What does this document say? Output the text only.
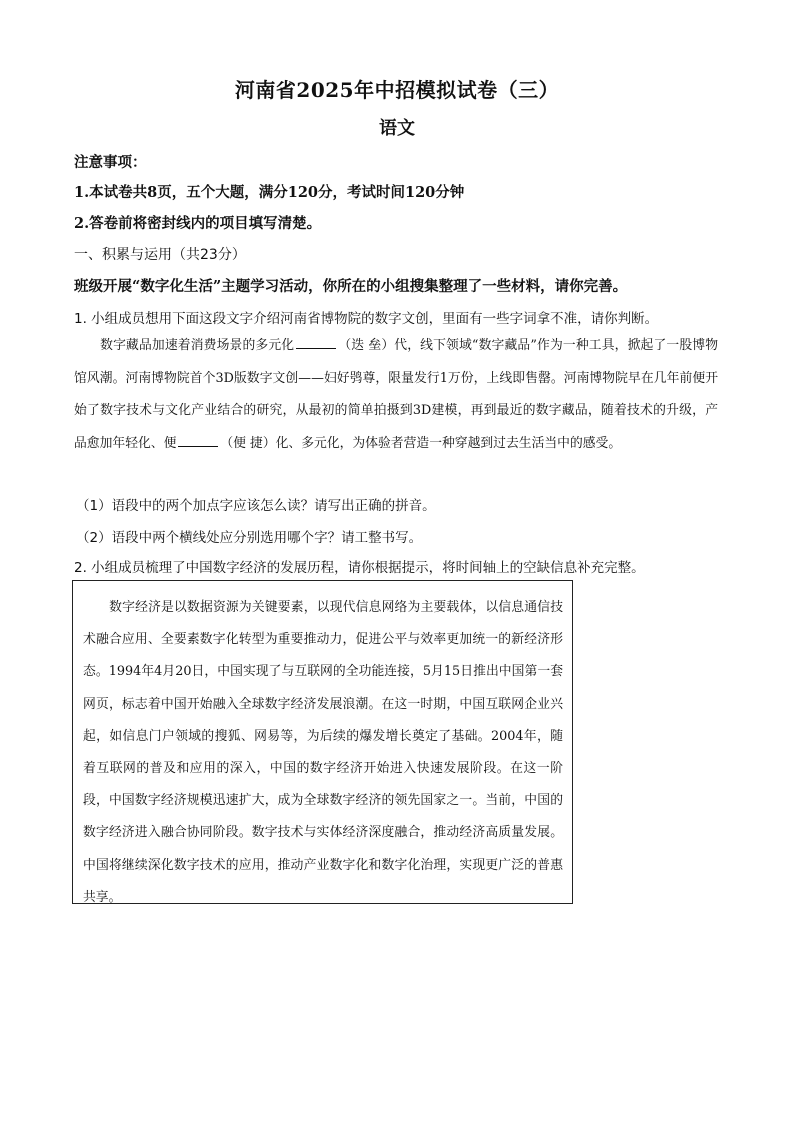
河南省2025年中招模拟试卷（三）
语文
注意事项：
1.本试卷共8页，五个大题，满分120分，考试时间120分钟
2.答卷前将密封线内的项目填写清楚。
一、积累与运用（共23分）
班级开展“数字化生活”主题学习活动，你所在的小组搜集整理了一些材料，请你完善。
1. 小组成员想用下面这段文字介绍河南省博物院的数字文创，里面有一些字词拿不准，请你判断。
数字藏品加速着消费场景的多元化	（迭 垒）代，线下领域“数字藏品”作为一种工具，掀起了一股博物馆风潮。河南博物院首个3D版数字文创——妇好鸮尊，限量发行1万份，上线即售罄。河南博物院早在几年前便开始了数字技术与文化产业结合的研究，从最初的简单拍摄到3D建模，再到最近的数字藏品，随着技术的升级，产品愈加年轻化、便	（便 捷）化、多元化，为体验者营造一种穿越到过去生活当中的感受。
（1）语段中的两个加点字应该怎么读？请写出正确的拼音。
（2）语段中两个横线处应分别选用哪个字？请工整书写。
2. 小组成员梳理了中国数字经济的发展历程，请你根据提示，将时间轴上的空缺信息补充完整。
数字经济是以数据资源为关键要素，以现代信息网络为主要载体，以信息通信技术融合应用、全要素数字化转型为重要推动力，促进公平与效率更加统一的新经济形态。1994年4月20日，中国实现了与互联网的全功能连接，5月15日推出中国第一套网页，标志着中国开始融入全球数字经济发展浪潮。在这一时期，中国互联网企业兴起，如信息门户领域的搜狐、网易等，为后续的爆发增长奠定了基础。2004年，随着互联网的普及和应用的深入，中国的数字经济开始进入快速发展阶段。在这一阶段，中国数字经济规模迅速扩大，成为全球数字经济的领先国家之一。当前，中国的数字经济进入融合协同阶段。数字技术与实体经济深度融合，推动经济高质量发展。中国将继续深化数字技术的应用，推动产业数字化和数字化治理，实现更广泛的普惠共享。
